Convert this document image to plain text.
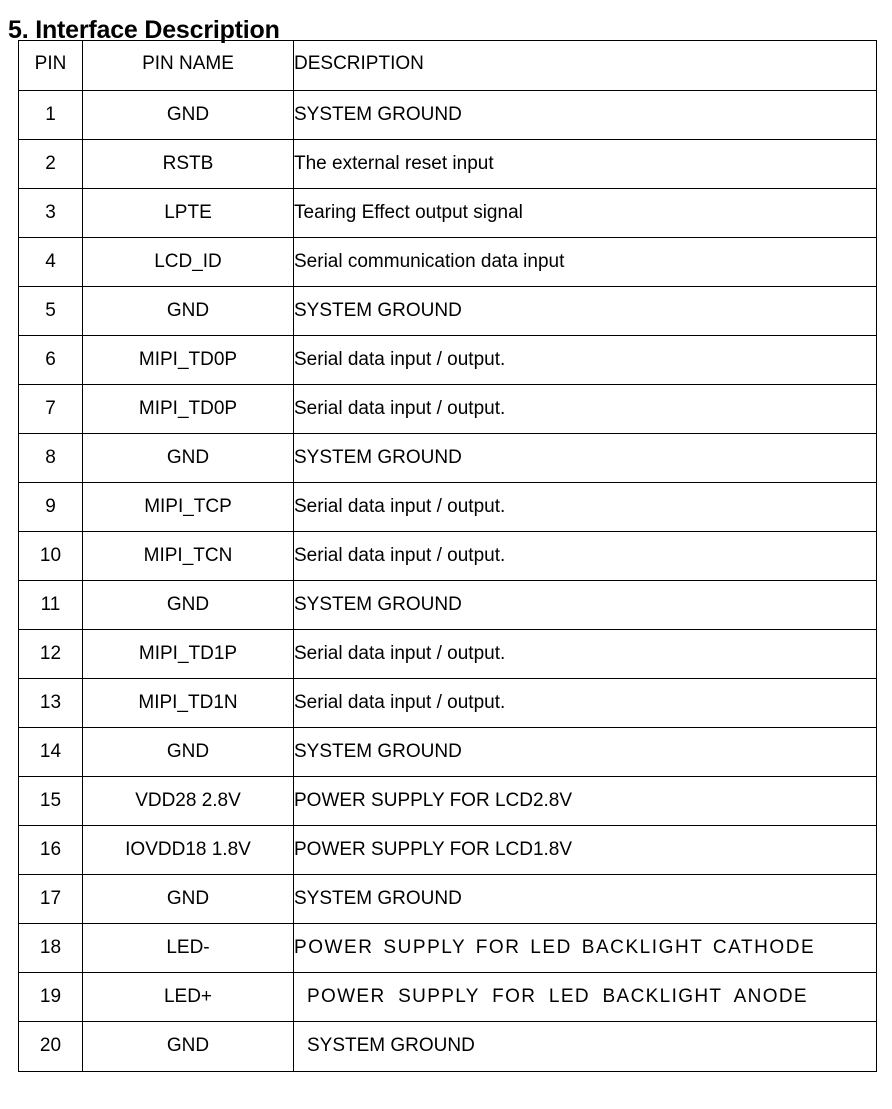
5. Interface Description
PIN	PIN NAME	DESCRIPTION
1	GND	SYSTEM GROUND
2	RSTB	The external reset input
3	LPTE	Tearing Effect output signal
4	LCD_ID	Serial communication data input
5	GND	SYSTEM GROUND
6	MIPI_TD0P	Serial data input / output.
7	MIPI_TD0P	Serial data input / output.
8	GND	SYSTEM GROUND
9	MIPI_TCP	Serial data input / output.
10	MIPI_TCN	Serial data input / output.
11	GND	SYSTEM GROUND
12	MIPI_TD1P	Serial data input / output.
13	MIPI_TD1N	Serial data input / output.
14	GND	SYSTEM GROUND
15	VDD28 2.8V	POWER SUPPLY FOR LCD2.8V
16	IOVDD18 1.8V	POWER SUPPLY FOR LCD1.8V
17	GND	SYSTEM GROUND
18	LED-	POWER SUPPLY FOR LED BACKLIGHT CATHODE
19	LED+	POWER SUPPLY FOR LED BACKLIGHT ANODE
20	GND	SYSTEM GROUND
